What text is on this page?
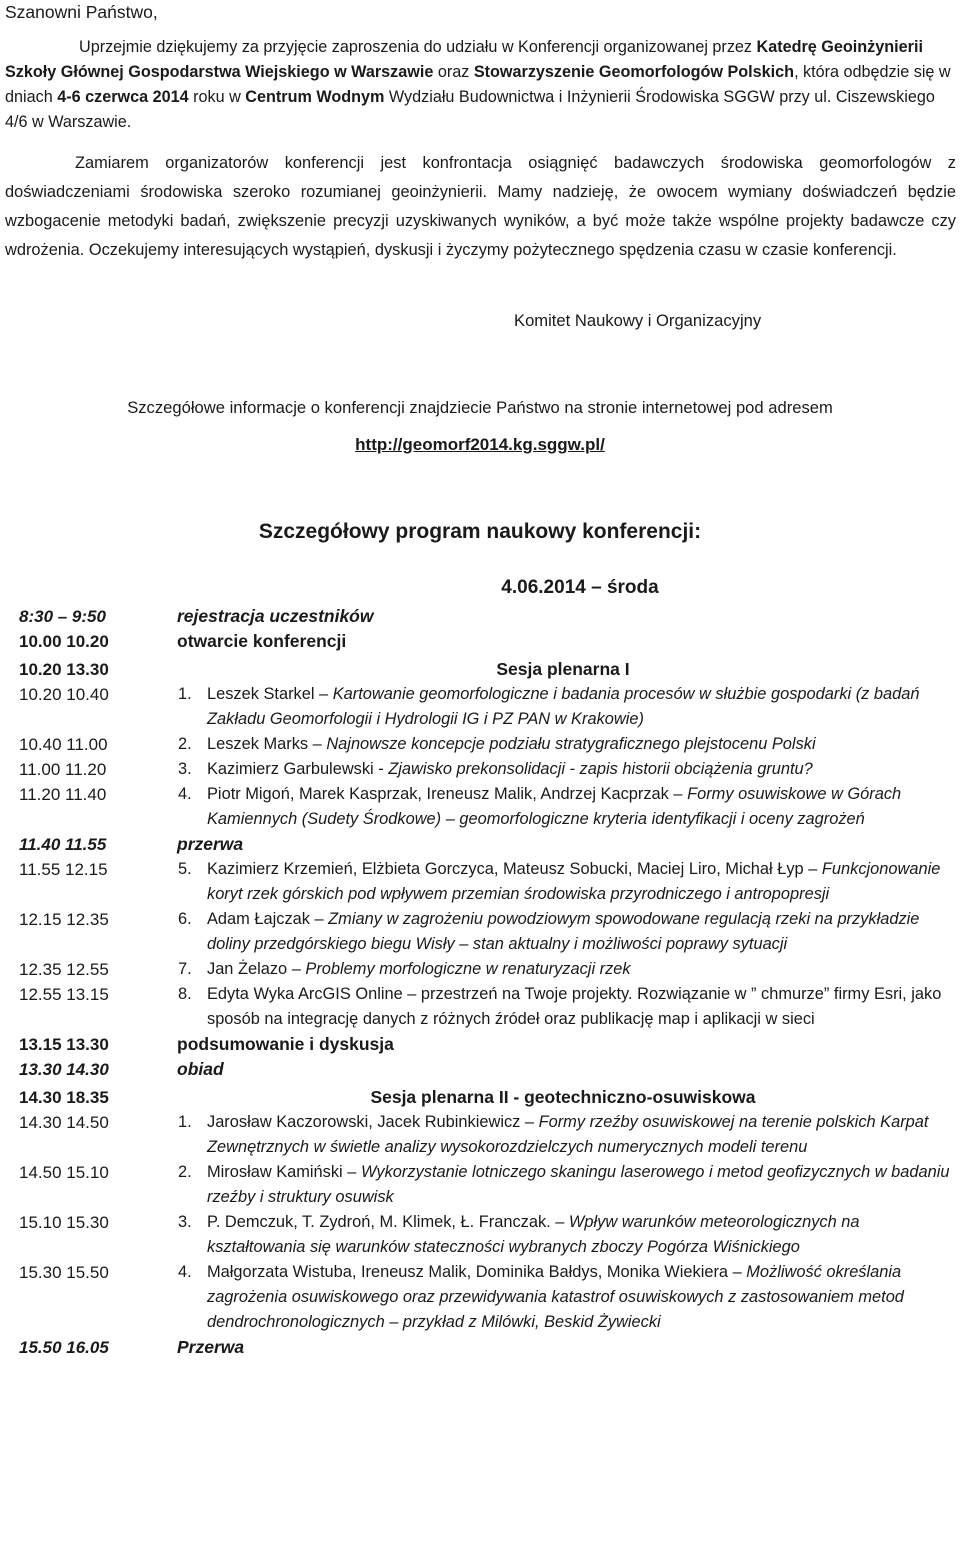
Szanowni Państwo,

Uprzejmie dziękujemy za przyjęcie zaproszenia do udziału w Konferencji organizowanej przez Katedrę Geoinżynierii Szkoły Głównej Gospodarstwa Wiejskiego w Warszawie oraz Stowarzyszenie Geomorfologów Polskich, która odbędzie się w dniach 4-6 czerwca 2014 roku w Centrum Wodnym Wydziału Budownictwa i Inżynierii Środowiska SGGW przy ul. Ciszewskiego 4/6 w Warszawie.

Zamiarem organizatorów konferencji jest konfrontacja osiągnięć badawczych środowiska geomorfologów z doświadczeniami środowiska szeroko rozumianej geoinżynierii. Mamy nadzieję, że owocem wymiany doświadczeń będzie wzbogacenie metodyki badań, zwiększenie precyzji uzyskiwanych wyników, a być może także wspólne projekty badawcze czy wdrożenia. Oczekujemy interesujących wystąpień, dyskusji i życzymy pożytecznego spędzenia czasu w czasie konferencji.

Komitet Naukowy i Organizacyjny
Szczegółowe informacje o konferencji znajdziecie Państwo na stronie internetowej pod adresem
http://geomorf2014.kg.sggw.pl/
Szczegółowy program naukowy konferencji:
4.06.2014 – środa	
8:30 – 9:50	rejestracja uczestników
10.00 10.20	otwarcie konferencji

10.20 13.30	Sesja plenarna I
10.20 10.40	1. Leszek Starkel – Kartowanie geomorfologiczne i badania procesów w służbie gospodarki (z badań Zakładu Geomorfologii i Hydrologii IG i PZ PAN w Krakowie)

10.40 11.00	2. Leszek Marks – Najnowsze koncepcje podziału stratygraficznego plejstocenu Polski

11.00 11.20	3. Kazimierz Garbulewski - Zjawisko prekonsolidacji - zapis historii obciążenia gruntu?

11.20 11.40	4. Piotr Migoń, Marek Kasprzak, Ireneusz Malik, Andrzej Kacprzak – Formy osuwiskowe w Górach Kamiennych (Sudety Środkowe) – geomorfologiczne kryteria identyfikacji i oceny zagrożeń

11.40 11.55	przerwa
11.55 12.15	5. Kazimierz Krzemień, Elżbieta Gorczyca, Mateusz Sobucki, Maciej Liro, Michał Łyp – Funkcjonowanie koryt rzek górskich pod wpływem przemian środowiska przyrodniczego i antropopresji

12.15 12.35	6. Adam Łajczak – Zmiany w zagrożeniu powodziowym spowodowane regulacją rzeki na przykładzie doliny przedgórskiego biegu Wisły – stan aktualny i możliwości poprawy sytuacji

12.35 12.55	7. Jan Żelazo – Problemy morfologiczne w renaturyzacji rzek

12.55 13.15	8. Edyta Wyka ArcGIS Online – przestrzeń na Twoje projekty. Rozwiązanie w ” chmurze” firmy Esri, jako sposób na integrację danych z różnych źródeł oraz publikację map i aplikacji w sieci

13.15 13.30	podsumowanie i dyskusja
13.30 14.30	obiad

14.30 18.35	Sesja plenarna II - geotechniczno-osuwiskowa
14.30 14.50	1. Jarosław Kaczorowski, Jacek Rubinkiewicz – Formy rzeźby osuwiskowej na terenie polskich Karpat Zewnętrznych w świetle analizy wysokorozdzielczych numerycznych modeli terenu

14.50 15.10	2. Mirosław Kamiński – Wykorzystanie lotniczego skaningu laserowego i metod geofizycznych w badaniu rzeźby i struktury osuwisk

15.10 15.30	3. P. Demczuk, T. Zydroń, M. Klimek, Ł. Franczak. – Wpływ warunków meteorologicznych na kształtowania się warunków stateczności wybranych zboczy Pogórza Wiśnickiego

15.30 15.50	4. Małgorzata Wistuba, Ireneusz Malik, Dominika Bałdys, Monika Wiekiera – Możliwość określania zagrożenia osuwiskowego oraz przewidywania katastrof osuwiskowych z zastosowaniem metod dendrochronologicznych – przykład z Milówki, Beskid Żywiecki

15.50 16.05	Przerwa
